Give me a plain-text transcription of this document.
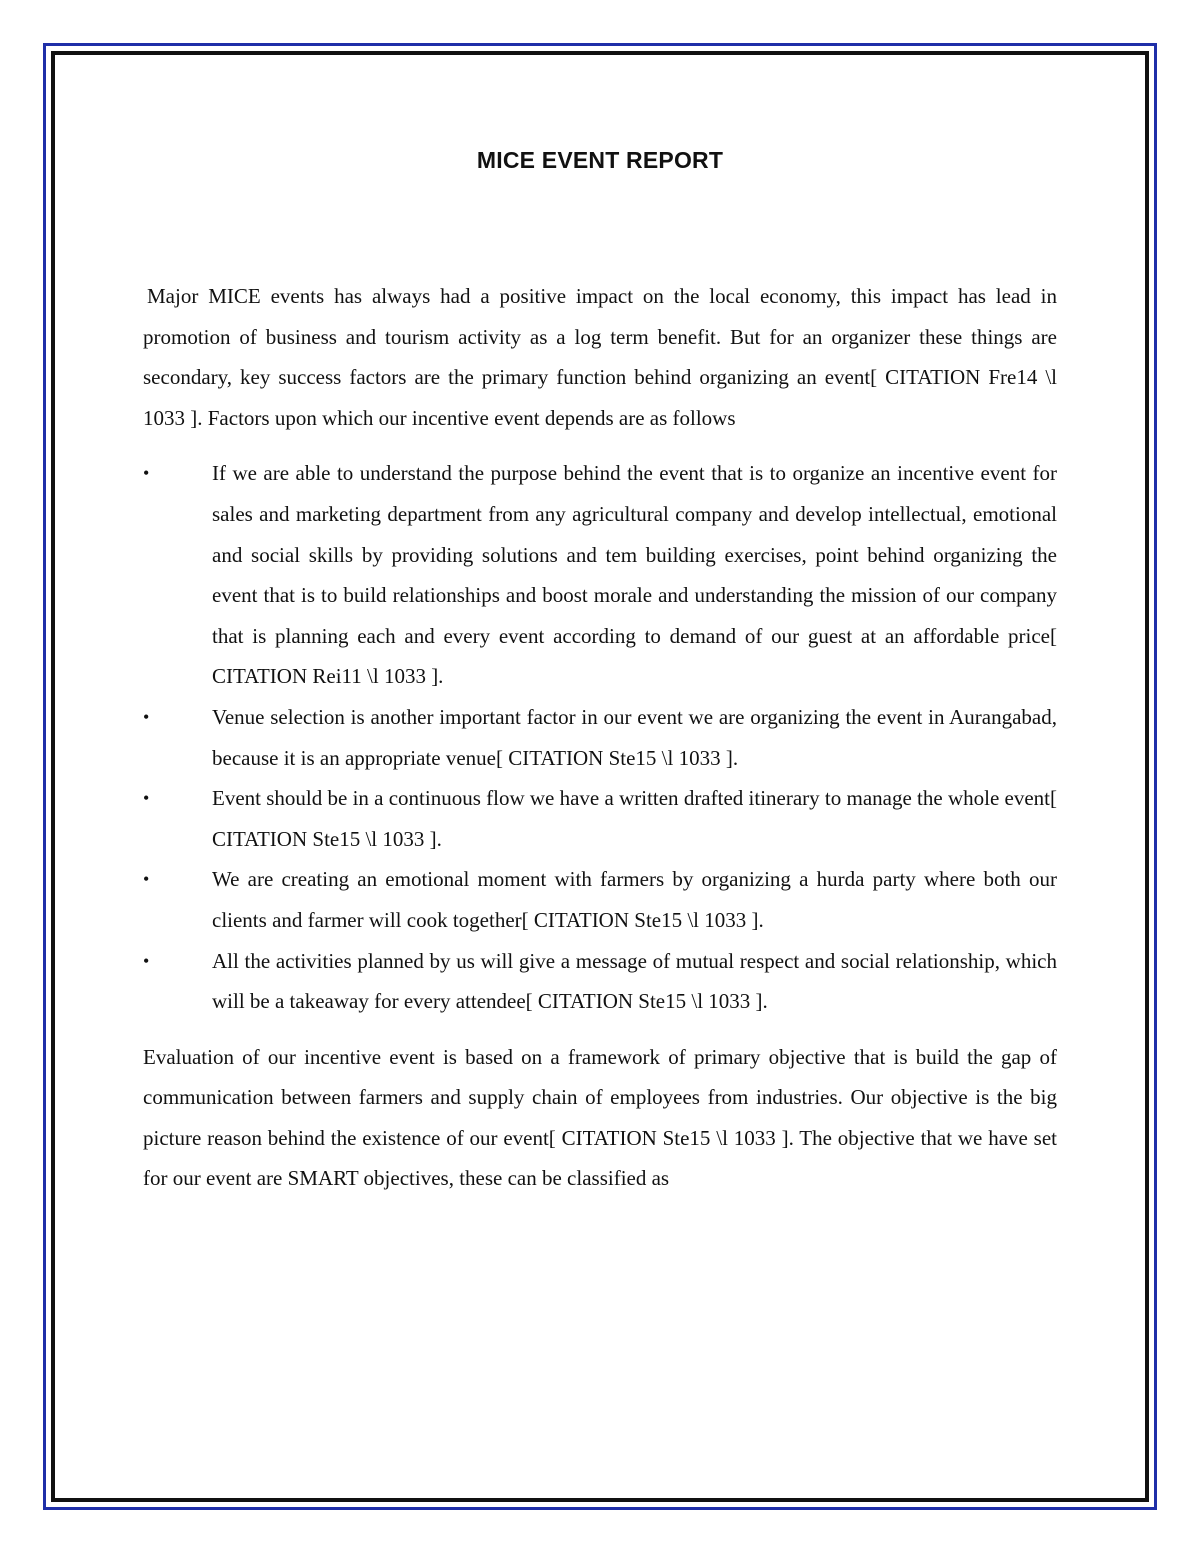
MICE EVENT REPORT

Major MICE events has always had a positive impact on the local economy, this impact has lead in promotion of business and tourism activity as a log term benefit. But for an organizer these things are secondary, key success factors are the primary function behind organizing an event[ CITATION Fre14 \l 1033 ]. Factors upon which our incentive event depends are as follows

•	If we are able to understand the purpose behind the event that is to organize an incentive event for sales and marketing department from any agricultural company and develop intellectual, emotional and social skills by providing solutions and tem building exercises, point behind organizing the event that is to build relationships and boost morale and understanding the mission of our company that is planning each and every event according to demand of our guest at an affordable price[ CITATION Rei11 \l 1033 ].
•	Venue selection is another important factor in our event we are organizing the event in Aurangabad, because it is an appropriate venue[ CITATION Ste15 \l 1033 ].
•	Event should be in a continuous flow we have a written drafted itinerary to manage the whole event[ CITATION Ste15 \l 1033 ].
•	We are creating an emotional moment with farmers by organizing a hurda party where both our clients and farmer will cook together[ CITATION Ste15 \l 1033 ].
•	All the activities planned by us will give a message of mutual respect and social relationship, which will be a takeaway for every attendee[ CITATION Ste15 \l 1033 ].

Evaluation of our incentive event is based on a framework of primary objective that is build the gap of communication between farmers and supply chain of employees from industries. Our objective is the big picture reason behind the existence of our event[ CITATION Ste15 \l 1033 ]. The objective that we have set for our event are SMART objectives, these can be classified as
